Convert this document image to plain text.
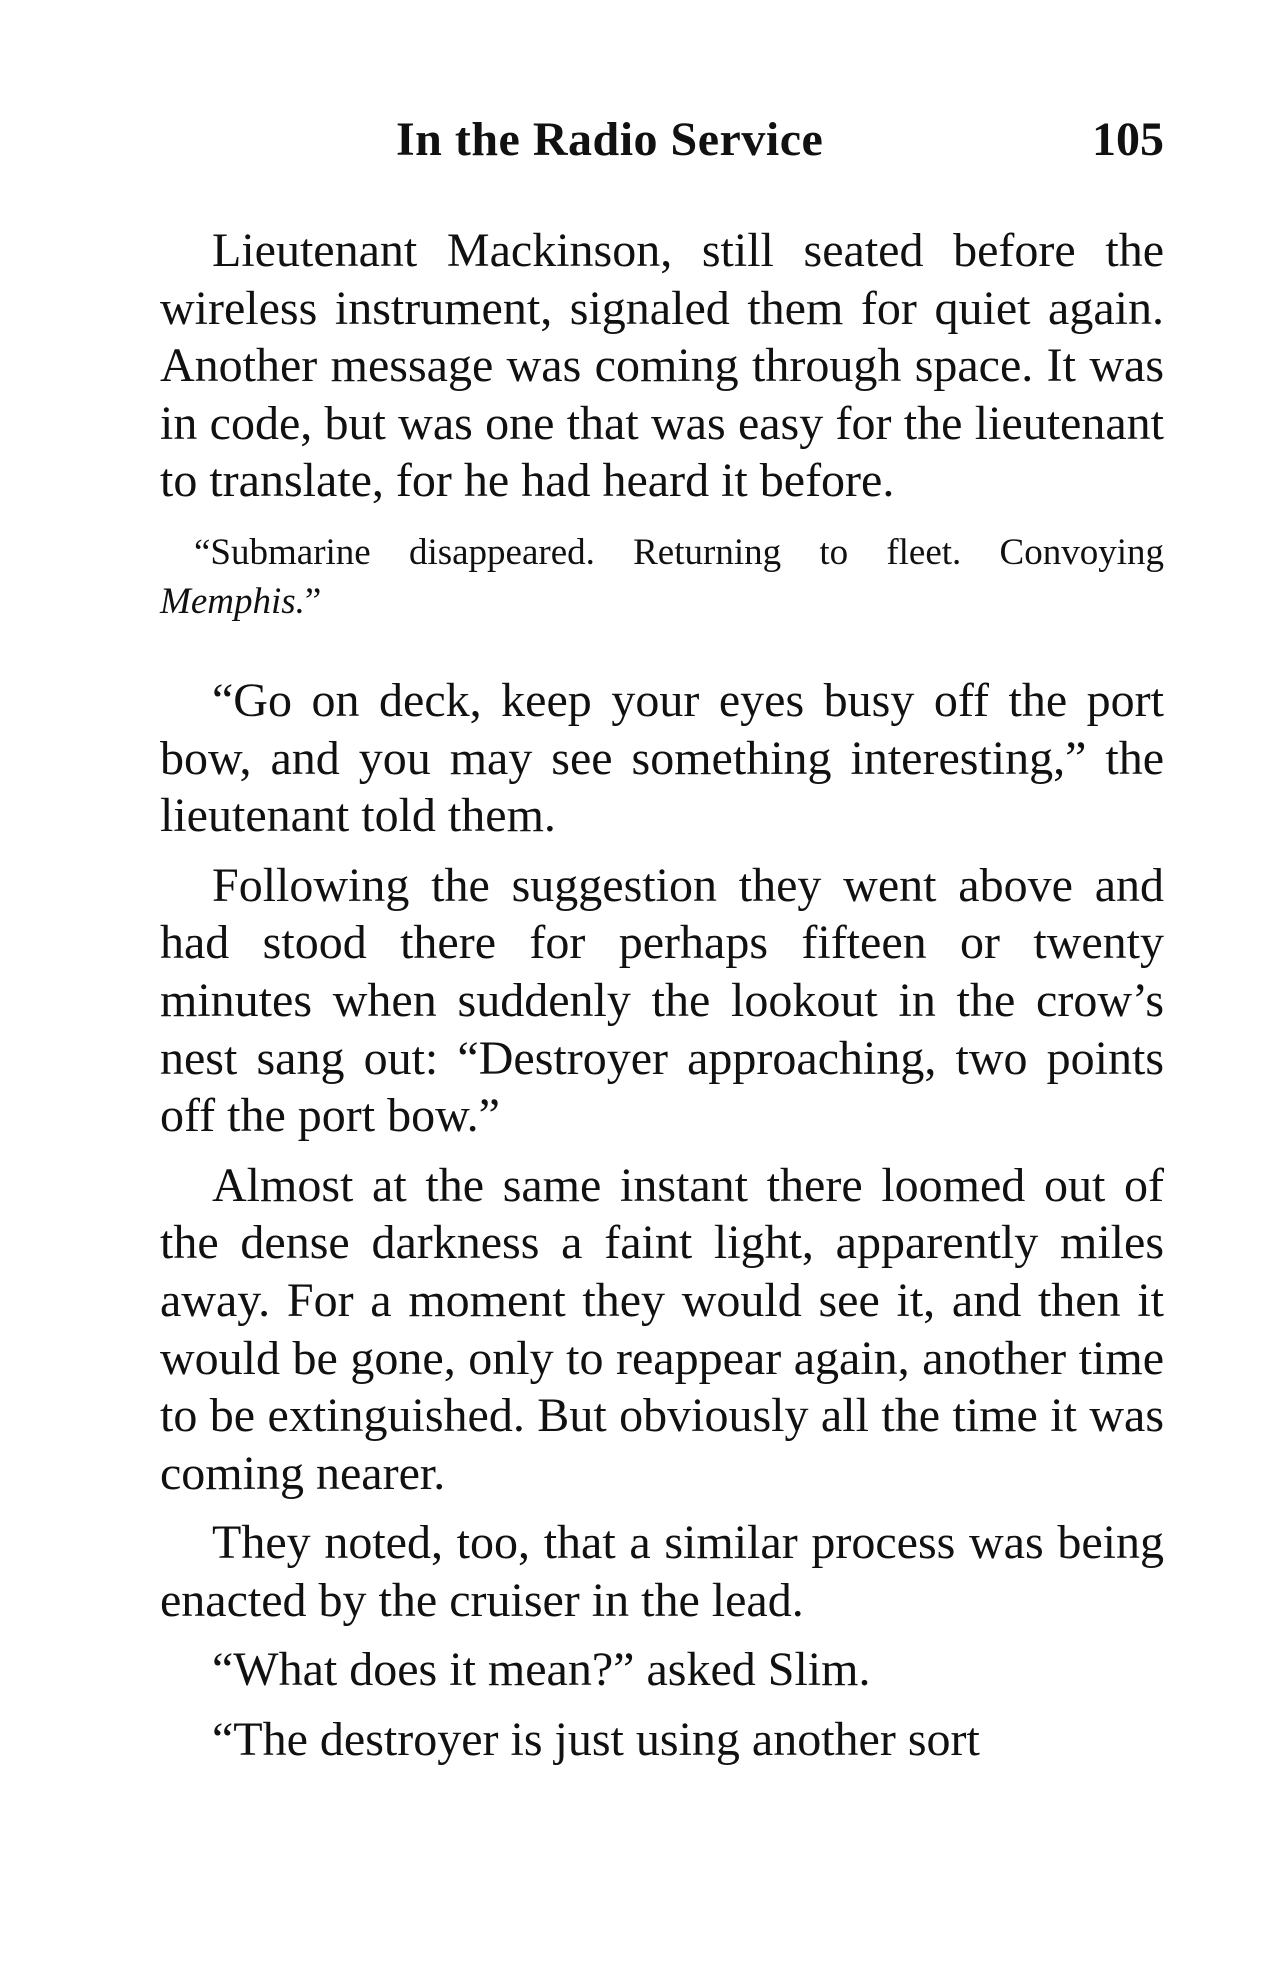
In the Radio Service	105

Lieutenant Mackinson, still seated before the wireless instrument, signaled them for quiet again. Another message was coming through space. It was in code, but was one that was easy for the lieutenant to translate, for he had heard it before.

“Submarine disappeared. Returning to fleet. Convoying Memphis.”

“Go on deck, keep your eyes busy off the port bow, and you may see something interesting,” the lieutenant told them.

Following the suggestion they went above and had stood there for perhaps fifteen or twenty minutes when suddenly the lookout in the crow’s nest sang out: “Destroyer approaching, two points off the port bow.”

Almost at the same instant there loomed out of the dense darkness a faint light, apparently miles away. For a moment they would see it, and then it would be gone, only to reappear again, another time to be extinguished. But obviously all the time it was coming nearer.

They noted, too, that a similar process was being enacted by the cruiser in the lead.

“What does it mean?” asked Slim.

“The destroyer is just using another sort
